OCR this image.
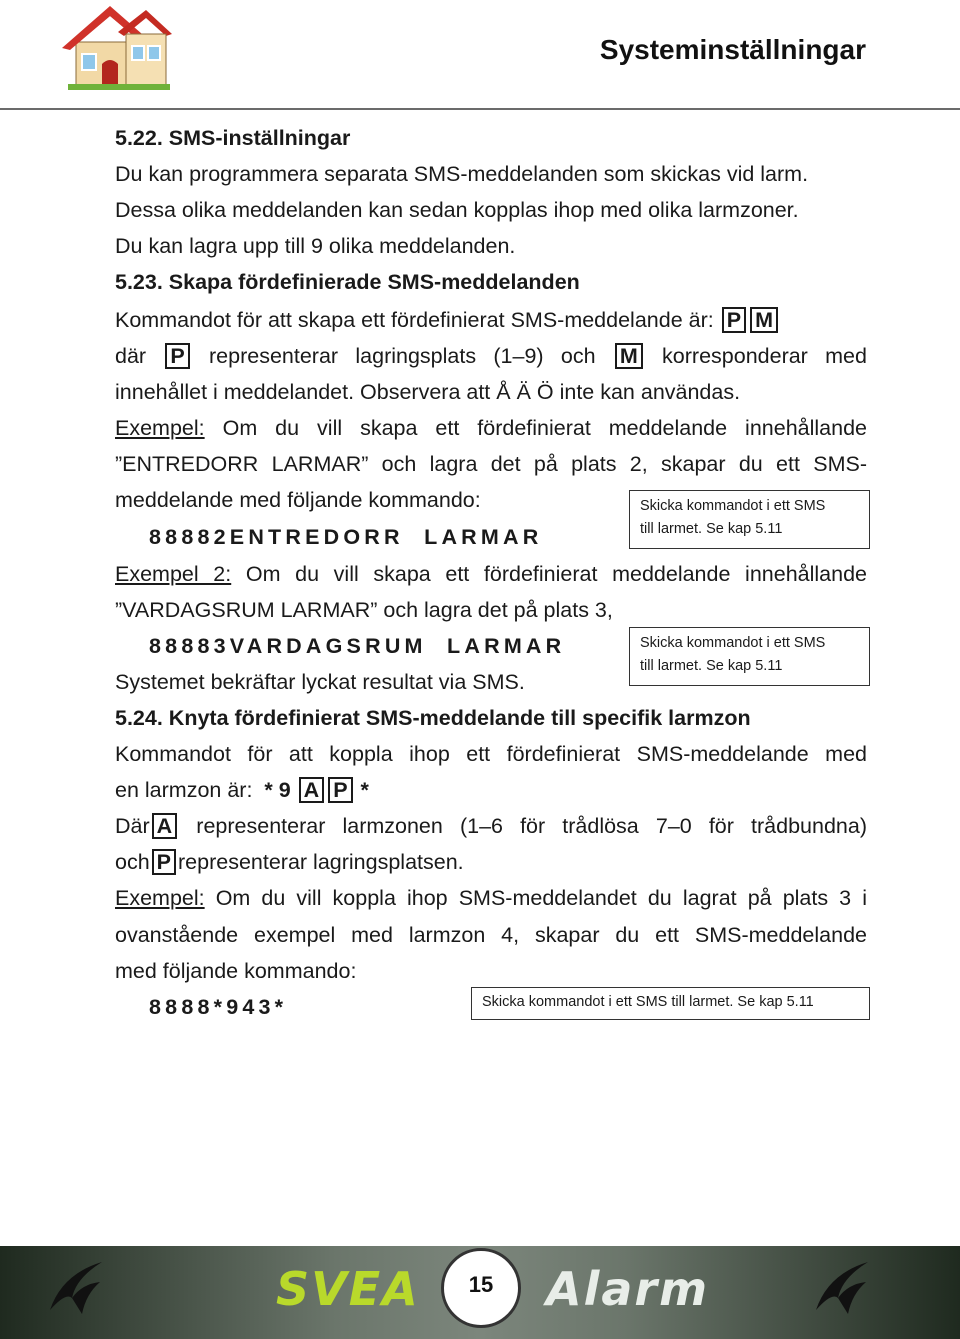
Systeminställningar
5.22. SMS-inställningar
Du kan programmera separata SMS-meddelanden som skickas vid larm.
Dessa olika meddelanden kan sedan kopplas ihop med olika larmzoner.
Du kan lagra upp till 9 olika meddelanden.
5.23. Skapa fördefinierade SMS-meddelanden
Kommandot för att skapa ett fördefinierat SMS-meddelande är: P M
där P representerar lagringsplats (1–9) och M korresponderar med
innehållet i meddelandet. Observera att Å Ä Ö inte kan användas.
Exempel: Om du vill skapa ett fördefinierat meddelande innehållande
”ENTREDORR LARMAR” och lagra det på plats 2, skapar du ett SMS-
meddelande med följande kommando:
88882ENTREDORR LARMAR
Skicka kommandot i ett SMS
till larmet. Se kap 5.11
Exempel 2: Om du vill skapa ett fördefinierat meddelande innehållande
”VARDAGSRUM LARMAR” och lagra det på plats 3,
88883VARDAGSRUM LARMAR	Skicka kommandot i ett SMS
till larmet. Se kap 5.11
Systemet bekräftar lyckat resultat via SMS.
5.24. Knyta fördefinierat SMS-meddelande till specifik larmzon
Kommandot för att koppla ihop ett fördefinierat SMS-meddelande med
en larmzon är: * 9 A P *
Där A representerar larmzonen (1–6 för trådlösa 7–0 för trådbundna)
och P representerar lagringsplatsen.
Exempel: Om du vill koppla ihop SMS-meddelandet du lagrat på plats 3 i
ovanstående exempel med larmzon 4, skapar du ett SMS-meddelande
med följande kommando:
8888*943*	Skicka kommandot i ett SMS till larmet. Se kap 5.11
SVEA	15	Alarm
